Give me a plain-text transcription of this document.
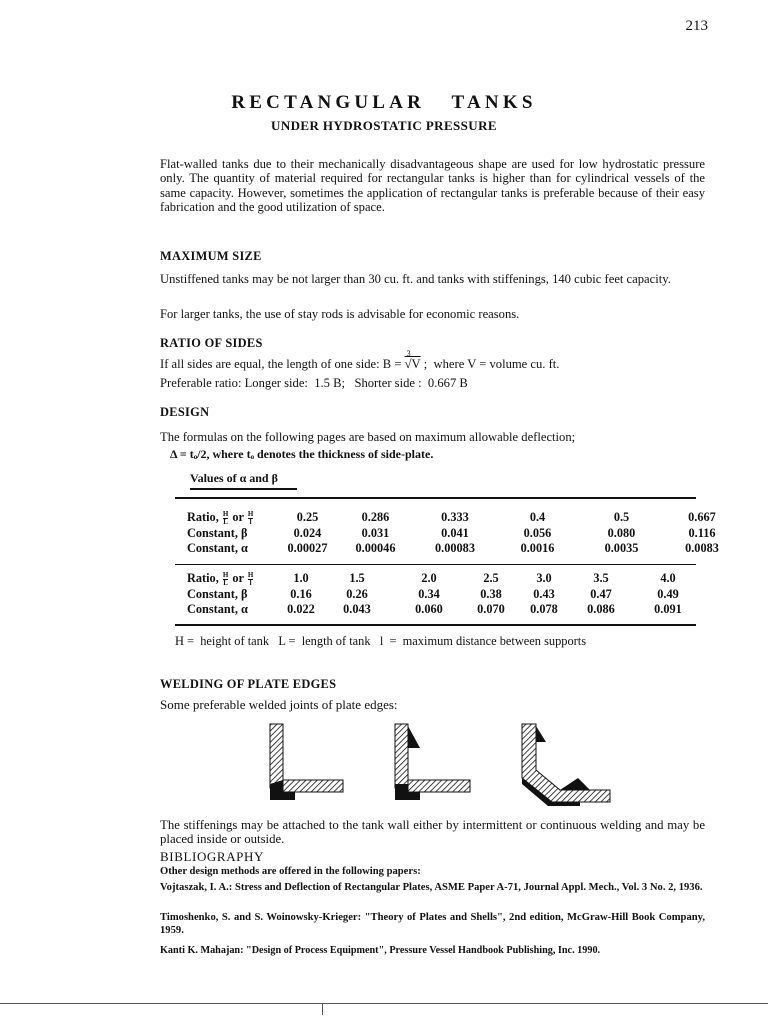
213
RECTANGULAR   TANKS
UNDER HYDROSTATIC PRESSURE
Flat-walled tanks due to their mechanically disadvantageous shape are used for low hydrostatic pressure only. The quantity of material required for rectangular tanks is higher than for cylindrical vessels of the same capacity. However, sometimes the application of rectangular tanks is preferable because of their easy fabrication and the good utilization of space.
MAXIMUM SIZE
Unstiffened tanks may be not larger than 30 cu. ft. and tanks with stiffenings, 140 cubic feet capacity.
For larger tanks, the use of stay rods is advisable for economic reasons.
RATIO OF SIDES
If all sides are equal, the length of one side: B =
3
√V ;  where V = volume cu. ft.
Preferable ratio: Longer side:  1.5 B;   Shorter side :  0.667 B
DESIGN
The formulas on the following pages are based on maximum allowable deflection;
Δ = tₒ/2, where tₒ denotes the thickness of side-plate.
Values of α and β
Ratio, $\frac{H}{L}$ or $\frac{H}{l}$	0.25	0.286	0.333	0.4	0.5	0.667
Constant, β	0.024	0.031	0.041	0.056	0.080	0.116
Constant, α	0.00027	0.00046	0.00083	0.0016	0.0035	0.0083
Ratio, $\frac{H}{L}$ or $\frac{H}{l}$	1.0	1.5	2.0	2.5	3.0	3.5	4.0
Constant, β	0.16	0.26	0.34	0.38	0.43	0.47	0.49
Constant, α	0.022	0.043	0.060	0.070	0.078	0.086	0.091
H =  height of tank   L =  length of tank   l  =  maximum distance between supports
WELDING OF PLATE EDGES
Some preferable welded joints of plate edges:
The stiffenings may be attached to the tank wall either by intermittent or continuous welding and may be placed inside or outside.
BIBLIOGRAPHY
Other design methods are offered in the following papers:
Vojtaszak, I. A.: Stress and Deflection of Rectangular Plates, ASME Paper A-71, Journal Appl. Mech., Vol. 3 No. 2, 1936.
Timoshenko, S. and S. Woinowsky-Krieger: "Theory of Plates and Shells", 2nd edition, McGraw-Hill Book Company, 1959.
Kanti K. Mahajan: "Design of Process Equipment", Pressure Vessel Handbook Publishing, Inc. 1990.
